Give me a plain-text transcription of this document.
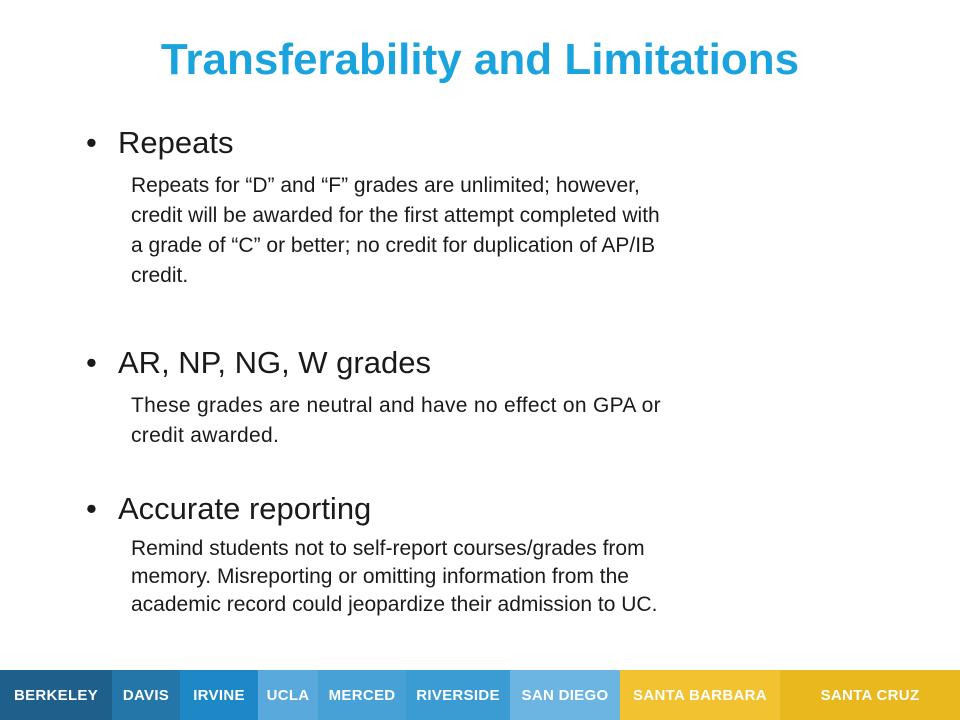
Transferability and Limitations
• Repeats
Repeats for “D” and “F” grades are unlimited; however,
credit will be awarded for the first attempt completed with
a grade of “C” or better; no credit for duplication of AP/IB
credit.
• AR, NP, NG, W grades
These grades are neutral and have no effect on GPA or
credit awarded.
• Accurate reporting
Remind students not to self-report courses/grades from
memory. Misreporting or omitting information from the
academic record could jeopardize their admission to UC.
BERKELEY	DAVIS	IRVINE	UCLA	MERCED	RIVERSIDE	SAN DIEGO	SANTA BARBARA	SANTA CRUZ
